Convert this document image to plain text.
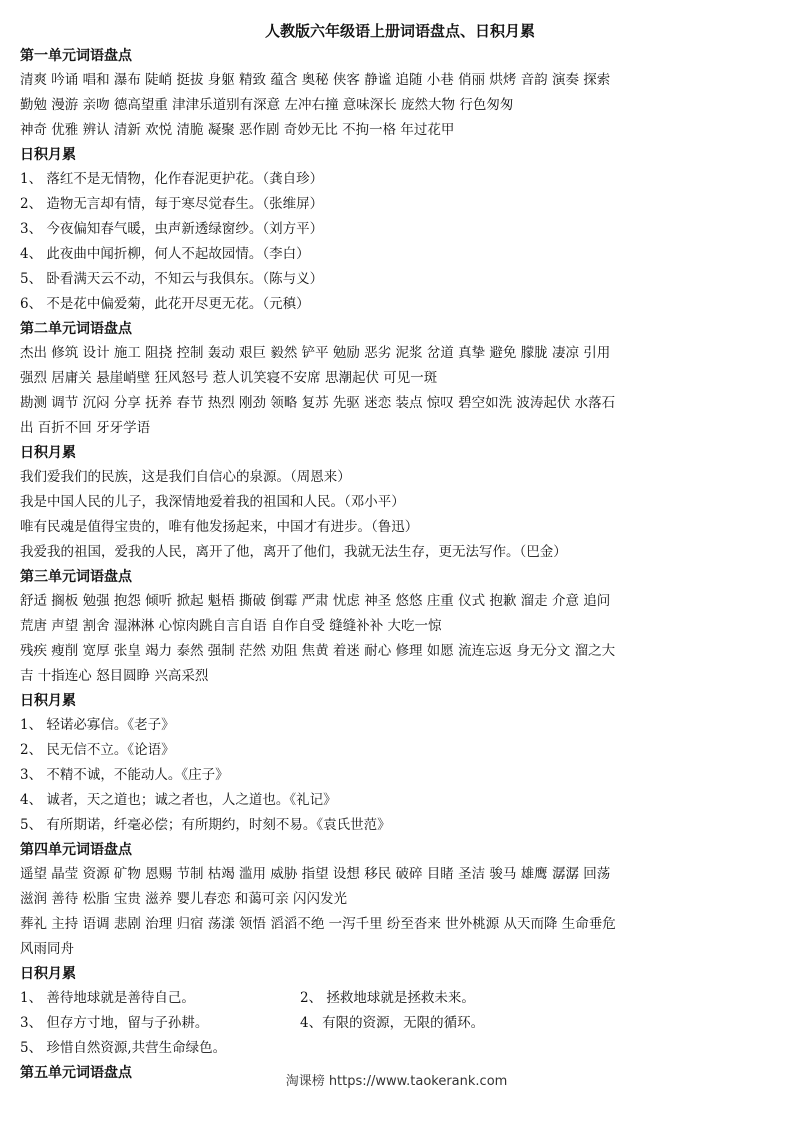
人教版六年级语上册词语盘点、日积月累
第一单元词语盘点
清爽 吟诵 唱和 瀑布 陡峭 挺拔 身躯 精致 蕴含 奥秘 侠客 静谧 追随 小巷 俏丽 烘烤 音韵 演奏 探索
勤勉 漫游 亲吻 德高望重 津津乐道别有深意 左冲右撞 意味深长 庞然大物 行色匆匆
神奇 优雅 辨认 清新 欢悦 清脆 凝聚 恶作剧 奇妙无比 不拘一格 年过花甲
日积月累
1、 落红不是无情物，化作春泥更护花。（龚自珍）
2、 造物无言却有情，每于寒尽觉春生。（张维屏）
3、 今夜偏知春气暖，虫声新透绿窗纱。（刘方平）
4、 此夜曲中闻折柳，何人不起故园情。（李白）
5、 卧看满天云不动，不知云与我俱东。（陈与义）
6、 不是花中偏爱菊，此花开尽更无花。（元稹）
第二单元词语盘点
杰出 修筑 设计 施工 阻挠 控制 轰动 艰巨 毅然 铲平 勉励 恶劣 泥浆 岔道 真挚 避免 朦胧 凄凉 引用
强烈 居庸关 悬崖峭壁 狂风怒号 惹人讥笑寝不安席 思潮起伏 可见一斑
勘测 调节 沉闷 分享 抚养 春节 热烈 刚劲 领略 复苏 先驱 迷恋 装点 惊叹 碧空如洗 波涛起伏 水落石
出 百折不回 牙牙学语
日积月累
我们爱我们的民族，这是我们自信心的泉源。（周恩来）
我是中国人民的儿子，我深情地爱着我的祖国和人民。（邓小平）
唯有民魂是值得宝贵的，唯有他发扬起来，中国才有进步。（鲁迅）
我爱我的祖国，爱我的人民，离开了他，离开了他们，我就无法生存，更无法写作。（巴金）
第三单元词语盘点
舒适 搁板 勉强 抱怨 倾听 掀起 魁梧 撕破 倒霉 严肃 忧虑 神圣 悠悠 庄重 仪式 抱歉 溜走 介意 追问
荒唐 声望 割舍 湿淋淋 心惊肉跳自言自语 自作自受 缝缝补补 大吃一惊
残疾 瘦削 宽厚 张皇 竭力 泰然 强制 茫然 劝阻 焦黄 着迷 耐心 修理 如愿 流连忘返 身无分文 溜之大
吉 十指连心 怒目圆睁 兴高采烈
日积月累
1、 轻诺必寡信。《老子》
2、 民无信不立。《论语》
3、 不精不诚，不能动人。《庄子》
4、 诚者，天之道也；诚之者也，人之道也。《礼记》
5、 有所期诺，纤毫必偿；有所期约，时刻不易。《袁氏世范》
第四单元词语盘点
遥望 晶莹 资源 矿物 恩赐 节制 枯竭 滥用 威胁 指望 设想 移民 破碎 目睹 圣洁 骏马 雄鹰 潺潺 回荡
滋润 善待 松脂 宝贵 滋养 婴儿春恋 和蔼可亲 闪闪发光
葬礼 主持 语调 悲剧 治理 归宿 荡漾 领悟 滔滔不绝 一泻千里 纷至沓来 世外桃源 从天而降 生命垂危
风雨同舟
日积月累
1、 善待地球就是善待自己。	2、 拯救地球就是拯救未来。
3、 但存方寸地，留与子孙耕。	4、有限的资源，无限的循环。
5、 珍惜自然资源,共营生命绿色。
第五单元词语盘点
淘课榜 https://www.taokerank.com
